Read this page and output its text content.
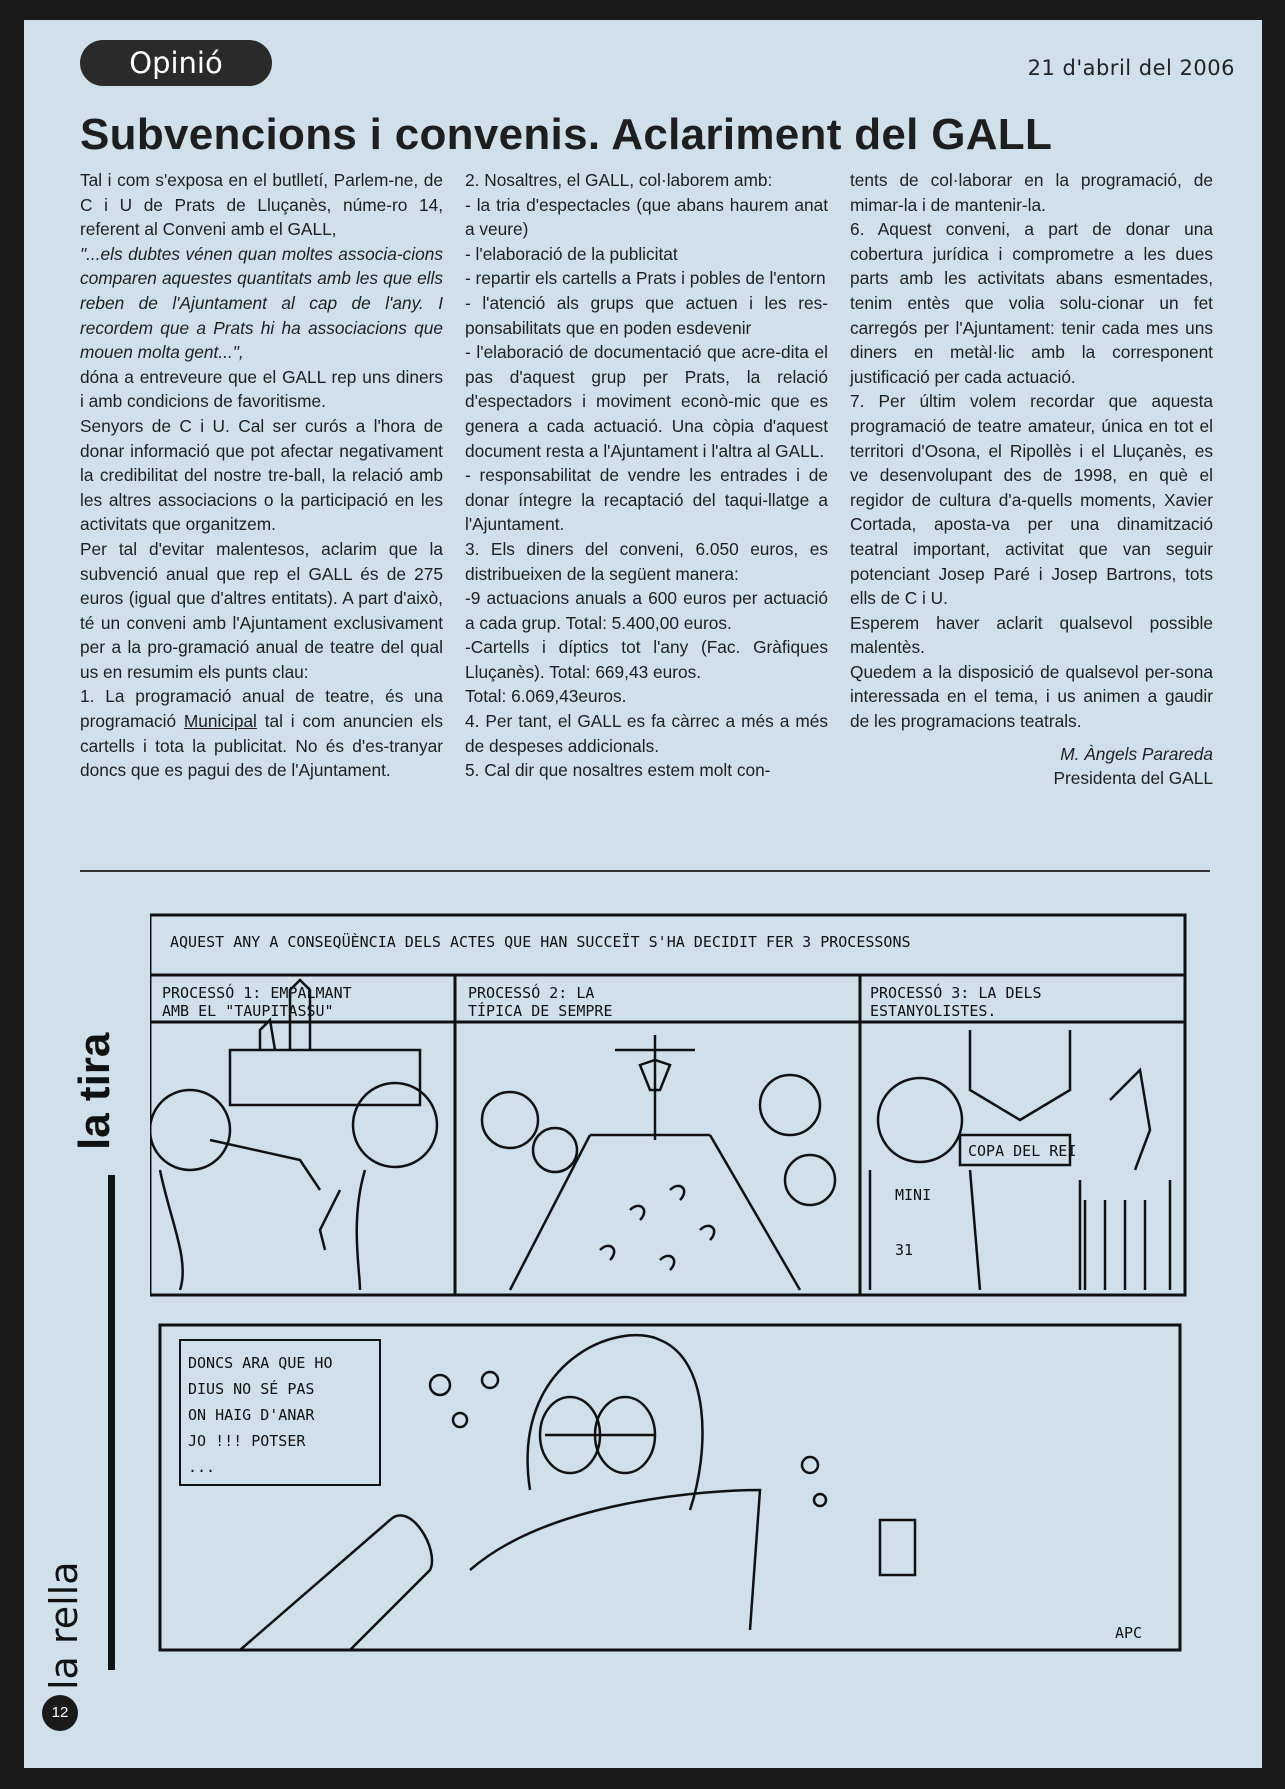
Opinió	21 d'abril del 2006
Subvencions i convenis. Aclariment del GALL

Tal i com s'exposa en el butlletí, Parlem-ne, de C i U de Prats de Lluçanès, núme-ro 14, referent al Conveni amb el GALL,

"...els dubtes vénen quan moltes associa-cions comparen aquestes quantitats amb les que ells reben de l'Ajuntament al cap de l'any. I recordem que a Prats hi ha associacions que mouen molta gent...",

dóna a entreveure que el GALL rep uns diners i amb condicions de favoritisme.

Senyors de C i U. Cal ser curós a l'hora de donar informació que pot afectar negativament la credibilitat del nostre tre-ball, la relació amb les altres associacions o la participació en les activitats que organitzem.

Per tal d'evitar malentesos, aclarim que la subvenció anual que rep el GALL és de 275 euros (igual que d'altres entitats). A part d'això, té un conveni amb l'Ajuntament exclusivament per a la pro-gramació anual de teatre del qual us en resumim els punts clau:

1. La programació anual de teatre, és una programació Municipal tal i com anuncien els cartells i tota la publicitat. No és d'es-tranyar doncs que es pagui des de l'Ajuntament.

2. Nosaltres, el GALL, col·laborem amb:

- la tria d'espectacles (que abans haurem anat a veure)

- l'elaboració de la publicitat

- repartir els cartells a Prats i pobles de l'entorn

- l'atenció als grups que actuen i les res-ponsabilitats que en poden esdevenir

- l'elaboració de documentació que acre-dita el pas d'aquest grup per Prats, la relació d'espectadors i moviment econò-mic que es genera a cada actuació. Una còpia d'aquest document resta a l'Ajuntament i l'altra al GALL.

- responsabilitat de vendre les entrades i de donar íntegre la recaptació del taqui-llatge a l'Ajuntament.

3. Els diners del conveni, 6.050 euros, es distribueixen de la següent manera:

-9 actuacions anuals a 600 euros per actuació a cada grup. Total: 5.400,00 euros.

-Cartells i díptics tot l'any (Fac. Gràfiques Lluçanès). Total: 669,43 euros.

Total: 6.069,43euros.

4. Per tant, el GALL es fa càrrec a més a més de despeses addicionals.

5. Cal dir que nosaltres estem molt con-

tents de col·laborar en la programació, de mimar-la i de mantenir-la.

6. Aquest conveni, a part de donar una cobertura jurídica i comprometre a les dues parts amb les activitats abans esmentades, tenim entès que volia solu-cionar un fet carregós per l'Ajuntament: tenir cada mes uns diners en metàl·lic amb la corresponent justificació per cada actuació.

7. Per últim volem recordar que aquesta programació de teatre amateur, única en tot el territori d'Osona, el Ripollès i el Lluçanès, es ve desenvolupant des de 1998, en què el regidor de cultura d'a-quells moments, Xavier Cortada, aposta-va per una dinamització teatral important, activitat que van seguir potenciant Josep Paré i Josep Bartrons, tots ells de C i U.

Esperem haver aclarit qualsevol possible malentès.

Quedem a la disposició de qualsevol per-sona interessada en el tema, i us animen a gaudir de les programacions teatrals.

M. Àngels Parareda
Presidenta del GALL
la tira
AQUEST ANY A CONSEQÜÈNCIA DELS ACTES QUE HAN SUCCEÏT S'HA DECIDIT FER 3 PROCESSONS
PROCESSÓ 1: EMPALMANT
AMB EL "TAUPITASSU"
PROCESSÓ 2: LA
TÍPICA DE SEMPRE
PROCESSÓ 3: LA DELS
ESTANYOLISTES.
COPA DEL REI
31
MINI
DONCS ARA QUE HO
DIUS NO SÉ PAS
ON HAIG D'ANAR
JO !!! POTSER
...
APC
la rella
12
